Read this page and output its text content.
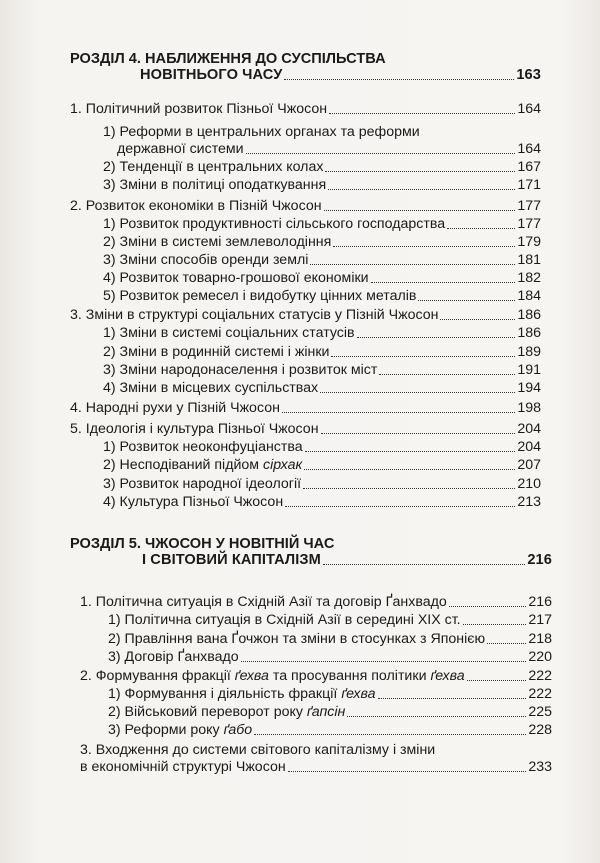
РОЗДІЛ 4. НАБЛИЖЕННЯ ДО СУСПІЛЬСТВА
НОВІТНЬОГО ЧАСУ	163
1. Політичний розвиток Пізньої Чжосон	164
1) Реформи в центральних органах та реформи
державної системи	164
2) Тенденції в центральних колах	167
3) Зміни в політиці оподаткування	171
2. Розвиток економіки в Пізній Чжосон	177
1) Розвиток продуктивності сільського господарства	177
2) Зміни в системі землеволодіння	179
3) Зміни способів оренди землі	181
4) Розвиток товарно-грошової економіки	182
5) Розвиток ремесел і видобутку цінних металів	184
3. Зміни в структурі соціальних статусів у Пізній Чжосон	186
1) Зміни в системі соціальних статусів	186
2) Зміни в родинній системі і жінки	189
3) Зміни народонаселення і розвиток міст	191
4) Зміни в місцевих суспільствах	194
4. Народні рухи у Пізній Чжосон	198
5. Ідеологія і культура Пізньої Чжосон	204
1) Розвиток неоконфуціанства	204
2) Несподіваний підйом сірхак	207
3) Розвиток народної ідеології	210
4) Культура Пізньої Чжосон	213
РОЗДІЛ 5. ЧЖОСОН У НОВІТНІЙ ЧАС
І СВІТОВИЙ КАПІТАЛІЗМ	216
1. Політична ситуація в Східній Азії та договір Ґанхвадо	216
1) Політична ситуація в Східній Азії в середині XIX ст.	217
2) Правління вана Ґочжон та зміни в стосунках з Японією	218
3) Договір Ґанхвадо	220
2. Формування фракції ґехва та просування політики ґехва	222
1) Формування і діяльність фракції ґехва	222
2) Військовий переворот року ґапсін	225
3) Реформи року ґабо	228
3. Входження до системи світового капіталізму і зміни
в економічній структурі Чжосон	233
